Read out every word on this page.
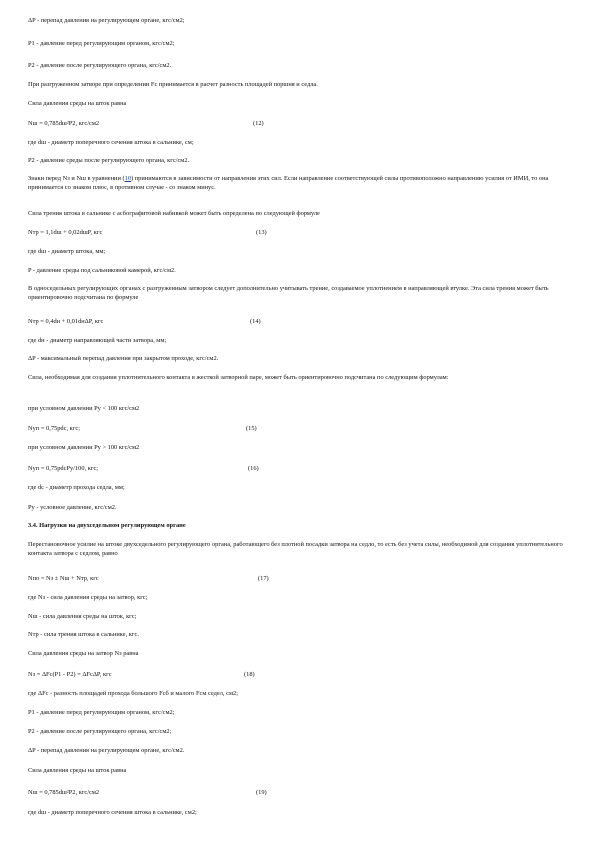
ΔP - перепад давления на регулирующем органе, кгс/см2;
P1 - давление перед регулирующим органом, кгс/см2;
P2 - давление после регулирующего органа, кгс/см2.
При разгруженном затворе при определении Fc принимается в расчет разность площадей поршня и седла.
Сила давления среды на шток равна
Nш = 0,785dш²P2, кгс/см2	(12)
где dш - диаметр поперечного сечения штока в сальнике, см;
P2 - давление среды после регулирующего органа, кгс/см2.
Знаки перед Nз и Nш в уравнении (10) принимаются в зависимости от направления этих сил. Если направление соответствующей силы противоположно направлению усилия от ИМИ, то она принимается со знаком плюс, в противном случае - со знаком минус.
Сила трения штока в сальнике с асбографитовой набивкой может быть определена по следующей формуле
Nтр = 1,1dш + 0,02dшP, кгс	(13)
где dш - диаметр штока, мм;
P - давление среды под сальниковой камерой, кгс/см2.
В односедельных регулирующих органах с разгруженным затвором следует дополнительно учитывать трение, создаваемое уплотнением в направляющей втулке. Эта сила трения может быть ориентировочно подсчитана по формуле
Nтр = 0,4dн + 0,01dнΔP, кгс	(14)
где dн - диаметр направляющей части затвора, мм;
ΔP - максимальный перепад давления при закрытом проходе, кгс/см2.
Сила, необходимая для создания уплотнительного контакта в жесткой затворной паре, может быть ориентировочно подсчитана по следующим формулам:
при условном давлении Pу < 100 кгс/см2
Nуп = 0,75pdc, кгс;	(15)
при условном давлении Pу > 100 кгс/см2
Nуп = 0,75pdcPу/100, кгс;	(16)
где dc - диаметр прохода седла, мм;
Pу - условное давление, кгс/см2.
3.4. Нагрузки на двухседельном регулирующем органе
Перестановочное усилие на штоке двухседельного регулирующего органа, работающего без плотной посадки затвора на седло, то есть без учета силы, необходимой для создания уплотнительного контакта затвора с седлом, равно
Nпо = Nз ± Nш + Nтр, кгс	(17)
где Nз - сила давления среды на затвор, кгс;
Nш - сила давления среды на шток, кгс;
Nтр - сила трения штока в сальнике, кгс.
Сила давления среды на затвор Nз равна
Nз = ΔFc(P1 - P2) = ΔFcΔP, кгс	(18)
где ΔFc - разность площадей прохода большого Fсб и малого Fсм седел, см2;
P1 - давление перед регулирующим органом, кгс/см2;
P2 - давление после регулирующего органа, кгс/см2;
ΔP - перепад давления на регулирующем органе, кгс/см2.
Сила давления среды на шток равна
Nш = 0,785dш²P2, кгс/см2	(19)
где dш - диаметр поперечного сечения штока в сальнике, см2;
